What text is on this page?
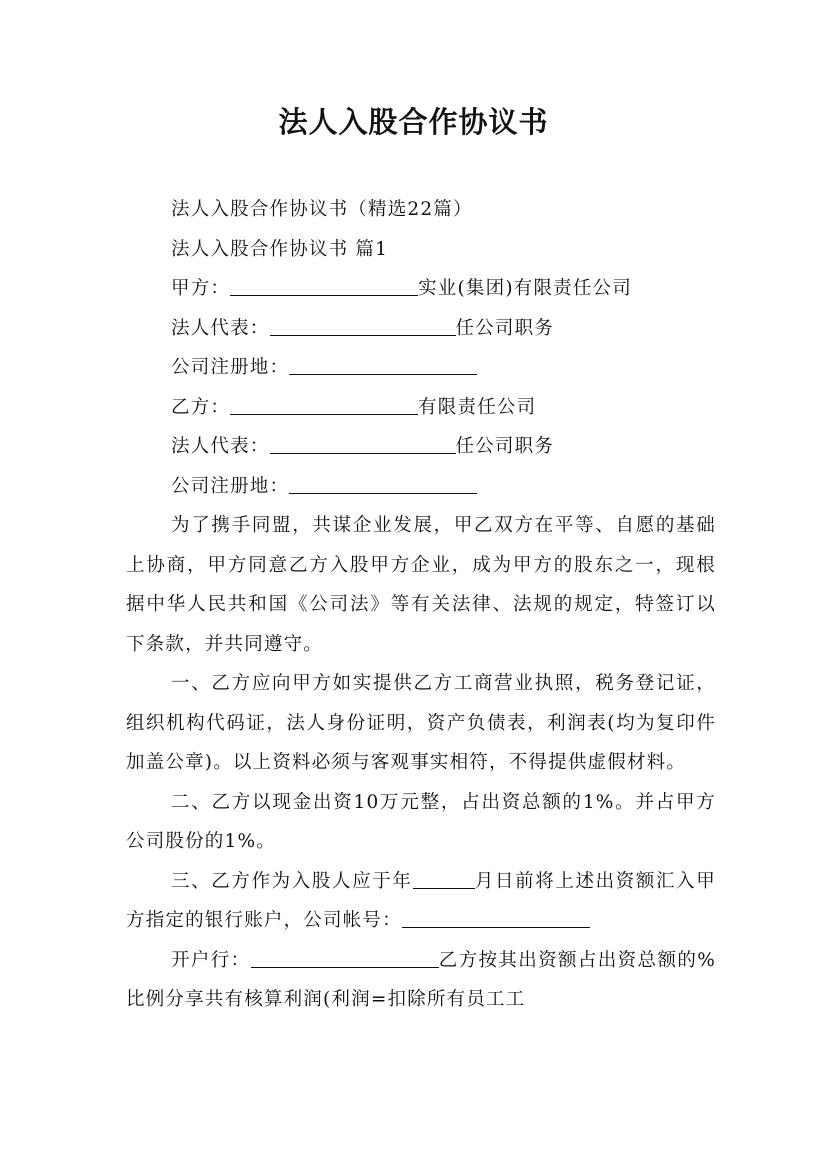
法人入股合作协议书
法人入股合作协议书（精选22篇）
法人入股合作协议书 篇1
甲方：	实业(集团)有限责任公司
法人代表：	任公司职务
公司注册地：
乙方：	有限责任公司
法人代表：	任公司职务
公司注册地：
为了携手同盟，共谋企业发展，甲乙双方在平等、自愿的基础上协商，甲方同意乙方入股甲方企业，成为甲方的股东之一，现根据中华人民共和国《公司法》等有关法律、法规的规定，特签订以下条款，并共同遵守。
一、乙方应向甲方如实提供乙方工商营业执照，税务登记证，组织机构代码证，法人身份证明，资产负债表，利润表(均为复印件加盖公章)。以上资料必须与客观事实相符，不得提供虚假材料。
二、乙方以现金出资10万元整，占出资总额的1%。并占甲方公司股份的1%。
三、乙方作为入股人应于年	月日前将上述出资额汇入甲方指定的银行账户，公司帐号：
开户行：	乙方按其出资额占出资总额的%比例分享共有核算利润(利润=扣除所有员工工
